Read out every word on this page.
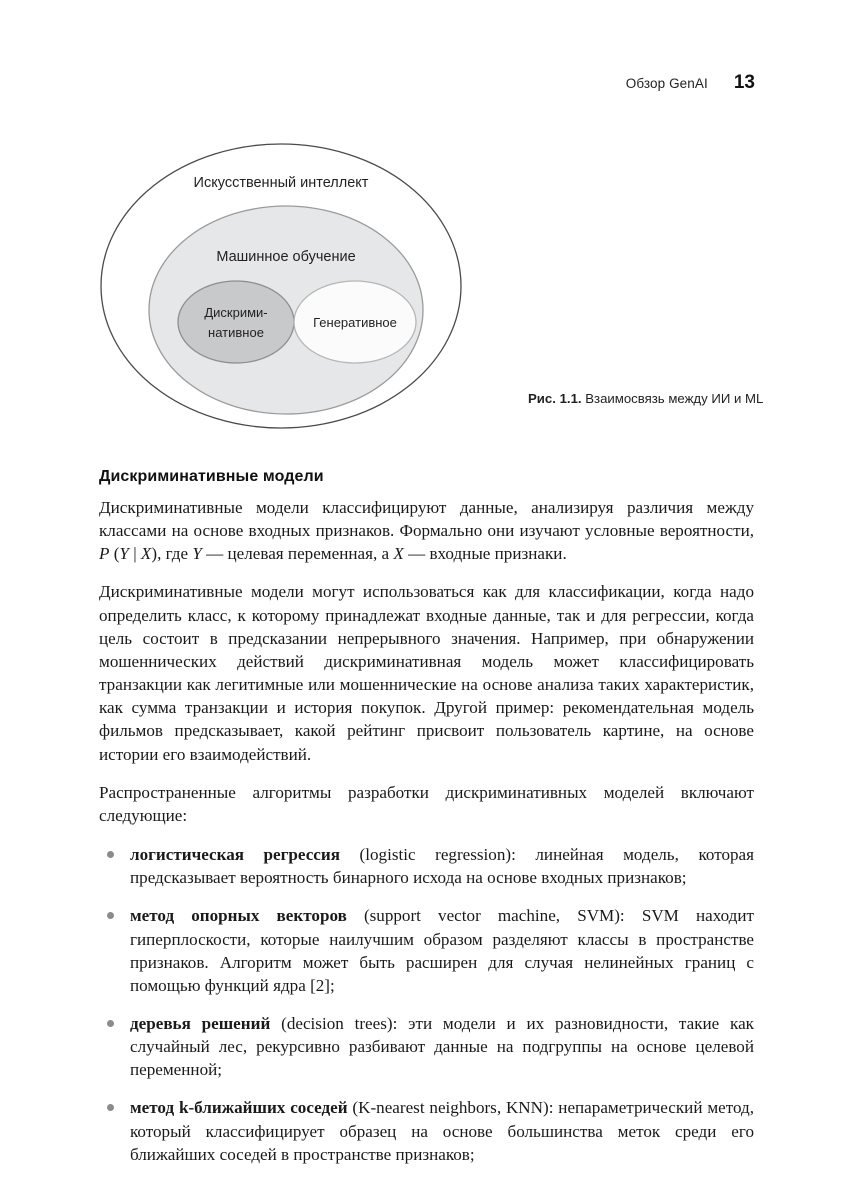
Обзор GenAI 13
Искусственный интеллект
Машинное обучение
Дискрими-
нативное
Генеративное
Рис. 1.1. Взаимосвязь между ИИ и ML
Дискриминативные модели

Дискриминативные модели классифицируют данные, анализируя различия между классами на основе входных признаков. Формально они изучают условные вероятности, P (Y | X), где Y — целевая переменная, а X — входные признаки.

Дискриминативные модели могут использоваться как для классификации, когда надо определить класс, к которому принадлежат входные данные, так и для регрессии, когда цель состоит в предсказании непрерывного значения. Например, при обнаружении мошеннических действий дискриминативная модель может классифицировать транзакции как легитимные или мошеннические на основе анализа таких характеристик, как сумма транзакции и история покупок. Другой пример: рекомендательная модель фильмов предсказывает, какой рейтинг присвоит пользователь картине, на основе истории его взаимодействий.

Распространенные алгоритмы разработки дискриминативных моделей включают следующие:

логистическая регрессия (logistic regression): линейная модель, которая предсказывает вероятность бинарного исхода на основе входных признаков;
метод опорных векторов (support vector machine, SVM): SVM находит гиперплоскости, которые наилучшим образом разделяют классы в пространстве признаков. Алгоритм может быть расширен для случая нелинейных границ с помощью функций ядра [2];
деревья решений (decision trees): эти модели и их разновидности, такие как случайный лес, рекурсивно разбивают данные на подгруппы на основе целевой переменной;
метод k-ближайших соседей (K-nearest neighbors, KNN): непараметрический метод, который классифицирует образец на основе большинства меток среди его ближайших соседей в пространстве признаков;
